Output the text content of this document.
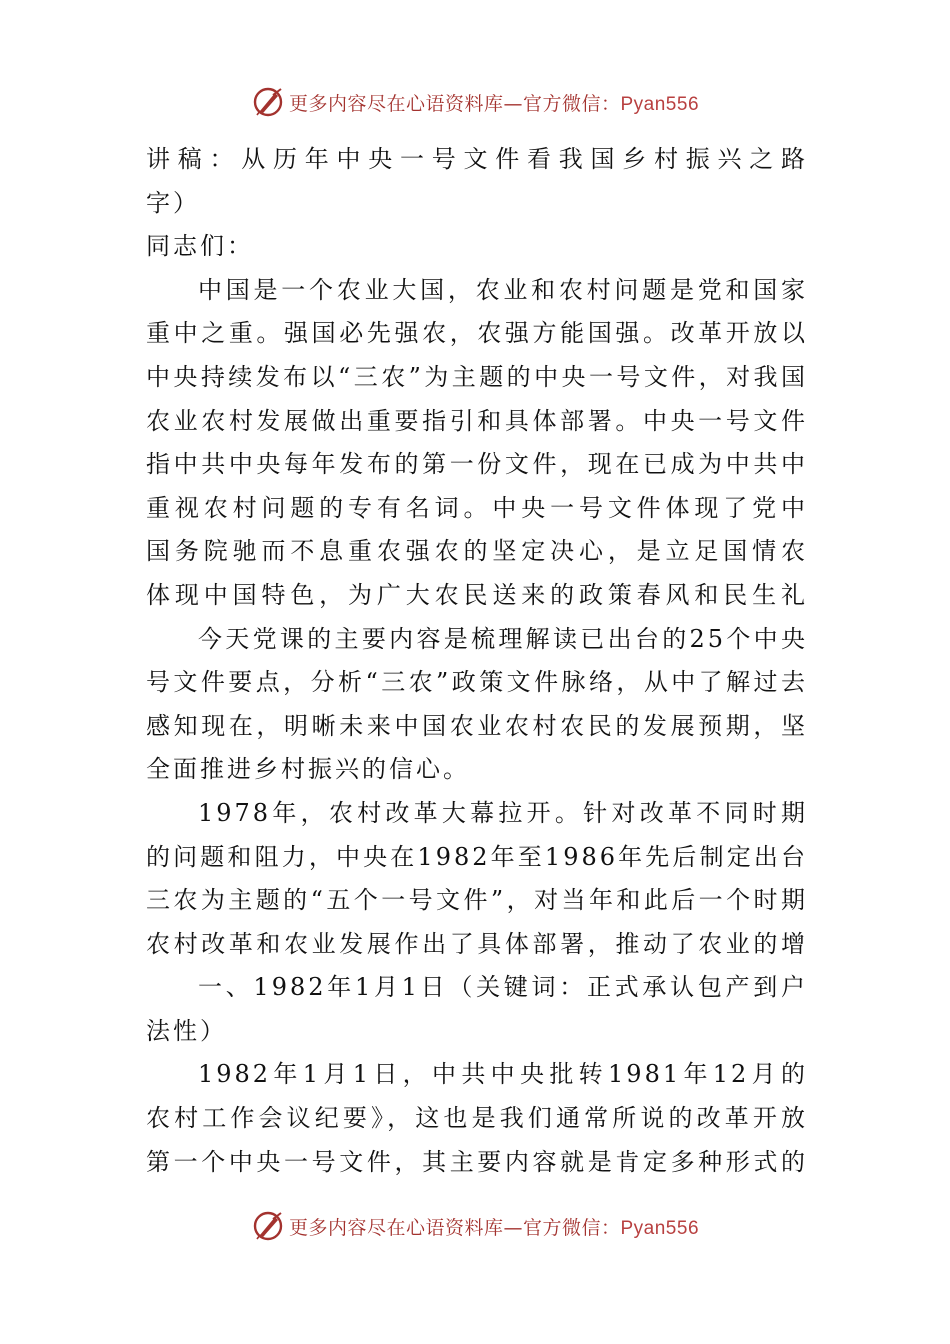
更多内容尽在心语资料库—官方微信：Pyan556
讲稿：从历年中央一号文件看我国乡村振兴之路
字）
同志们：
中国是一个农业大国，农业和农村问题是党和国家
重中之重。强国必先强农，农强方能国强。改革开放以
中央持续发布以“三农”为主题的中央一号文件，对我国
农业农村发展做出重要指引和具体部署。中央一号文件
指中共中央每年发布的第一份文件，现在已成为中共中
重视农村问题的专有名词。中央一号文件体现了党中
国务院驰而不息重农强农的坚定决心，是立足国情农
体现中国特色，为广大农民送来的政策春风和民生礼
今天党课的主要内容是梳理解读已出台的25个中央
号文件要点，分析“三农”政策文件脉络，从中了解过去
感知现在，明晰未来中国农业农村农民的发展预期，坚
全面推进乡村振兴的信心。
1978年，农村改革大幕拉开。针对改革不同时期
的问题和阻力，中央在1982年至1986年先后制定出台
三农为主题的“五个一号文件”，对当年和此后一个时期
农村改革和农业发展作出了具体部署，推动了农业的增
一、1982年1月1日（关键词：正式承认包产到户
法性）
1982年1月1日，中共中央批转1981年12月的
农村工作会议纪要》，这也是我们通常所说的改革开放
第一个中央一号文件，其主要内容就是肯定多种形式的
更多内容尽在心语资料库—官方微信：Pyan556
